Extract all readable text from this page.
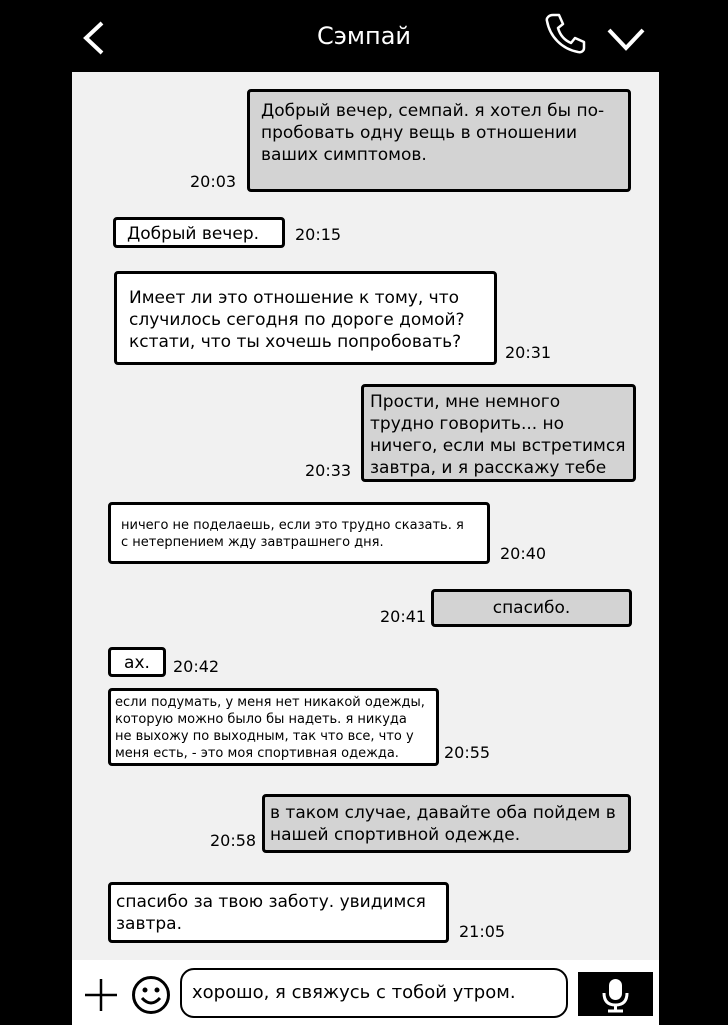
Сэмпай
Добрый вечер, семпай. я хотел бы по-
пробовать одну вещь в отношении
ваших симптомов.
20:03
Добрый вечер.	20:15
Имеет ли это отношение к тому, что
случилось сегодня по дороге домой?
кстати, что ты хочешь попробовать?
20:31
Прости, мне немного
трудно говорить... но
ничего, если мы встретимся
завтра, и я расскажу тебе
20:33
ничего не поделаешь, если это трудно сказать. я
с нетерпением жду завтрашнего дня.
20:40
спасибо.
20:41
ах.	20:42
если подумать, у меня нет никакой одежды,
которую можно было бы надеть. я никуда
не выхожу по выходным, так что все, что у
меня есть, - это моя спортивная одежда.	20:55
в таком случае, давайте оба пойдем в
нашей спортивной одежде.
20:58
спасибо за твою заботу. увидимся
завтра.	21:05
хорошо, я свяжусь с тобой утром.
